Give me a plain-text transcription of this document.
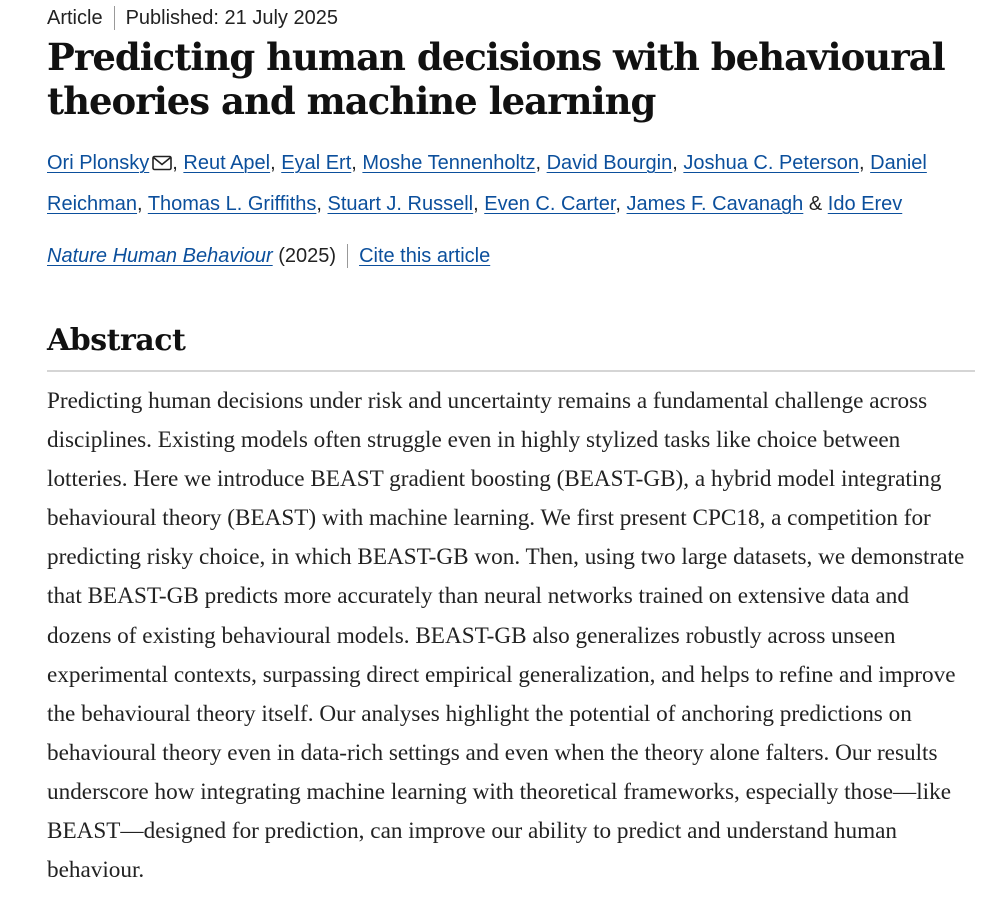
Article Published: 21 July 2025
Predicting human decisions with behavioural theories and machine learning
Ori Plonsky , Reut Apel, Eyal Ert, Moshe Tennenholtz, David Bourgin, Joshua C. Peterson, Daniel Reichman, Thomas L. Griffiths, Stuart J. Russell, Even C. Carter, James F. Cavanagh & Ido Erev
Nature Human Behaviour (2025) Cite this article
Abstract

Predicting human decisions under risk and uncertainty remains a fundamental challenge across disciplines. Existing models often struggle even in highly stylized tasks like choice between lotteries. Here we introduce BEAST gradient boosting (BEAST-GB), a hybrid model integrating behavioural theory (BEAST) with machine learning. We first present CPC18, a competition for predicting risky choice, in which BEAST-GB won. Then, using two large datasets, we demonstrate that BEAST-GB predicts more accurately than neural networks trained on extensive data and dozens of existing behavioural models. BEAST-GB also generalizes robustly across unseen experimental contexts, surpassing direct empirical generalization, and helps to refine and improve the behavioural theory itself. Our analyses highlight the potential of anchoring predictions on behavioural theory even in data-rich settings and even when the theory alone falters. Our results underscore how integrating machine learning with theoretical frameworks, especially those—like BEAST—designed for prediction, can improve our ability to predict and understand human behaviour.
